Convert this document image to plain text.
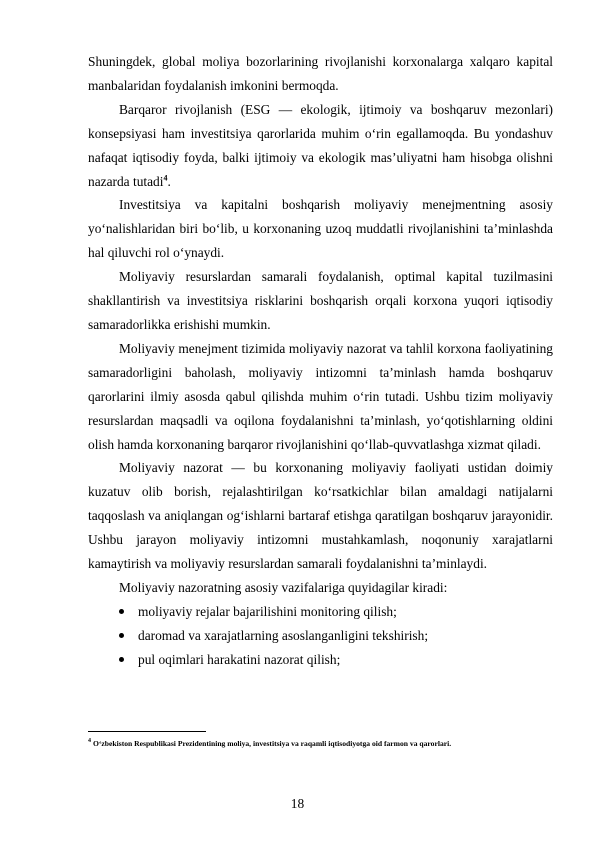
Shuningdek, global moliya bozorlarining rivojlanishi korxonalarga xalqaro kapital manbalaridan foydalanish imkonini bermoqda.

Barqaror rivojlanish (ESG — ekologik, ijtimoiy va boshqaruv mezonlari) konsepsiyasi ham investitsiya qarorlarida muhim o‘rin egallamoqda. Bu yondashuv nafaqat iqtisodiy foyda, balki ijtimoiy va ekologik mas’uliyatni ham hisobga olishni nazarda tutadi$^4$.

Investitsiya va kapitalni boshqarish moliyaviy menejmentning asosiy yo‘nalishlaridan biri bo‘lib, u korxonaning uzoq muddatli rivojlanishini ta’minlashda hal qiluvchi rol o‘ynaydi.

Moliyaviy resurslardan samarali foydalanish, optimal kapital tuzilmasini shakllantirish va investitsiya risklarini boshqarish orqali korxona yuqori iqtisodiy samaradorlikka erishishi mumkin.

Moliyaviy menejment tizimida moliyaviy nazorat va tahlil korxona faoliyatining samaradorligini baholash, moliyaviy intizomni ta’minlash hamda boshqaruv qarorlarini ilmiy asosda qabul qilishda muhim o‘rin tutadi. Ushbu tizim moliyaviy resurslardan maqsadli va oqilona foydalanishni ta’minlash, yo‘qotishlarning oldini olish hamda korxonaning barqaror rivojlanishini qo‘llab-quvvatlashga xizmat qiladi.

Moliyaviy nazorat — bu korxonaning moliyaviy faoliyati ustidan doimiy kuzatuv olib borish, rejalashtirilgan ko‘rsatkichlar bilan amaldagi natijalarni taqqoslash va aniqlangan og‘ishlarni bartaraf etishga qaratilgan boshqaruv jarayonidir. Ushbu jarayon moliyaviy intizomni mustahkamlash, noqonuniy xarajatlarni kamaytirish va moliyaviy resurslardan samarali foydalanishni ta’minlaydi.

Moliyaviy nazoratning asosiy vazifalariga quyidagilar kiradi:

moliyaviy rejalar bajarilishini monitoring qilish;
daromad va xarajatlarning asoslanganligini tekshirish;
pul oqimlari harakatini nazorat qilish;
$^4$ O‘zbekiston Respublikasi Prezidentining moliya, investitsiya va raqamli iqtisodiyotga oid farmon va qarorlari.
18
